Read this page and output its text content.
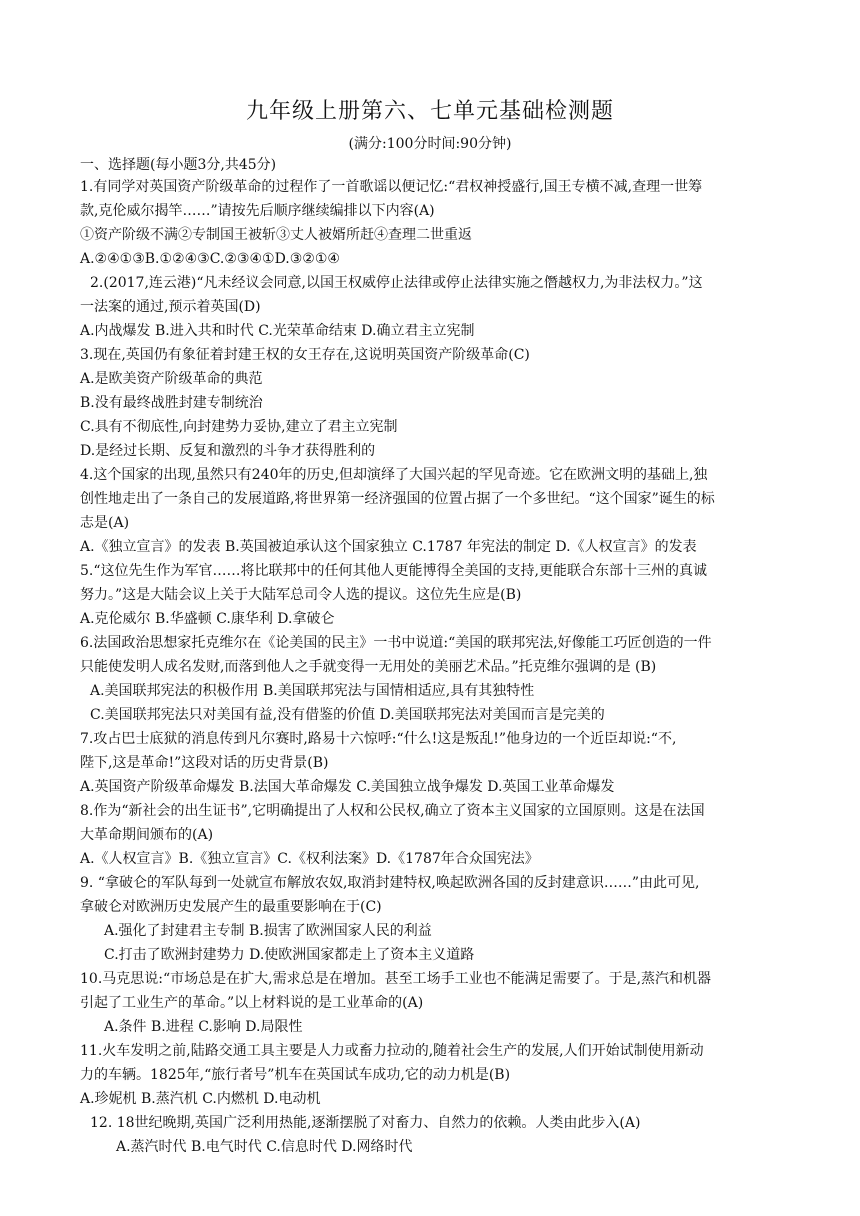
九年级上册第六、七单元基础检测题
(满分:100分时间:90分钟)
一、选择题(每小题3分,共45分)
1.有同学对英国资产阶级革命的过程作了一首歌谣以便记忆:“君权神授盛行,国王专横不减,查理一世筹
款,克伦威尔揭竿……”请按先后顺序继续编排以下内容(A)
①资产阶级不满②专制国王被斩③丈人被婿所赶④查理二世重返
A.②④①③B.①②④③C.②③④①D.③②①④
2.(2017,连云港)“凡未经议会同意,以国王权威停止法律或停止法律实施之僭越权力,为非法权力。”这
一法案的通过,预示着英国(D)
A.内战爆发 B.进入共和时代 C.光荣革命结束 D.确立君主立宪制
3.现在,英国仍有象征着封建王权的女王存在,这说明英国资产阶级革命(C)
A.是欧美资产阶级革命的典范
B.没有最终战胜封建专制统治
C.具有不彻底性,向封建势力妥协,建立了君主立宪制
D.是经过长期、反复和激烈的斗争才获得胜利的
4.这个国家的出现,虽然只有240年的历史,但却演绎了大国兴起的罕见奇迹。它在欧洲文明的基础上,独
创性地走出了一条自己的发展道路,将世界第一经济强国的位置占据了一个多世纪。“这个国家”诞生的标
志是(A)
A.《独立宣言》的发表 B.英国被迫承认这个国家独立 C.1787 年宪法的制定 D.《人权宣言》的发表
5.“这位先生作为军官……将比联邦中的任何其他人更能博得全美国的支持,更能联合东部十三州的真诚
努力。”这是大陆会议上关于大陆军总司令人选的提议。这位先生应是(B)
A.克伦威尔 B.华盛顿 C.康华利 D.拿破仑
6.法国政治思想家托克维尔在《论美国的民主》一书中说道:“美国的联邦宪法,好像能工巧匠创造的一件
只能使发明人成名发财,而落到他人之手就变得一无用处的美丽艺术品。”托克维尔强调的是 (B)
A.美国联邦宪法的积极作用 B.美国联邦宪法与国情相适应,具有其独特性
C.美国联邦宪法只对美国有益,没有借鉴的价值 D.美国联邦宪法对美国而言是完美的
7.攻占巴士底狱的消息传到凡尔赛时,路易十六惊呼:“什么!这是叛乱!”他身边的一个近臣却说:“不,
陛下,这是革命!”这段对话的历史背景(B)
A.英国资产阶级革命爆发 B.法国大革命爆发 C.美国独立战争爆发 D.英国工业革命爆发
8.作为“新社会的出生证书”,它明确提出了人权和公民权,确立了资本主义国家的立国原则。这是在法国
大革命期间颁布的(A)
A.《人权宣言》B.《独立宣言》C.《权利法案》D.《1787年合众国宪法》
9. “拿破仑的军队每到一处就宣布解放农奴,取消封建特权,唤起欧洲各国的反封建意识……”由此可见,
拿破仑对欧洲历史发展产生的最重要影响在于(C)
A.强化了封建君主专制 B.损害了欧洲国家人民的利益
C.打击了欧洲封建势力 D.使欧洲国家都走上了资本主义道路
10.马克思说:“市场总是在扩大,需求总是在增加。甚至工场手工业也不能满足需要了。于是,蒸汽和机器
引起了工业生产的革命。”以上材料说的是工业革命的(A)
A.条件 B.进程 C.影响 D.局限性
11.火车发明之前,陆路交通工具主要是人力或畜力拉动的,随着社会生产的发展,人们开始试制使用新动
力的车辆。1825年,“旅行者号”机车在英国试车成功,它的动力机是(B)
A.珍妮机 B.蒸汽机 C.内燃机 D.电动机
12. 18世纪晚期,英国广泛利用热能,逐渐摆脱了对畜力、自然力的依赖。人类由此步入(A)
A.蒸汽时代 B.电气时代 C.信息时代 D.网络时代
